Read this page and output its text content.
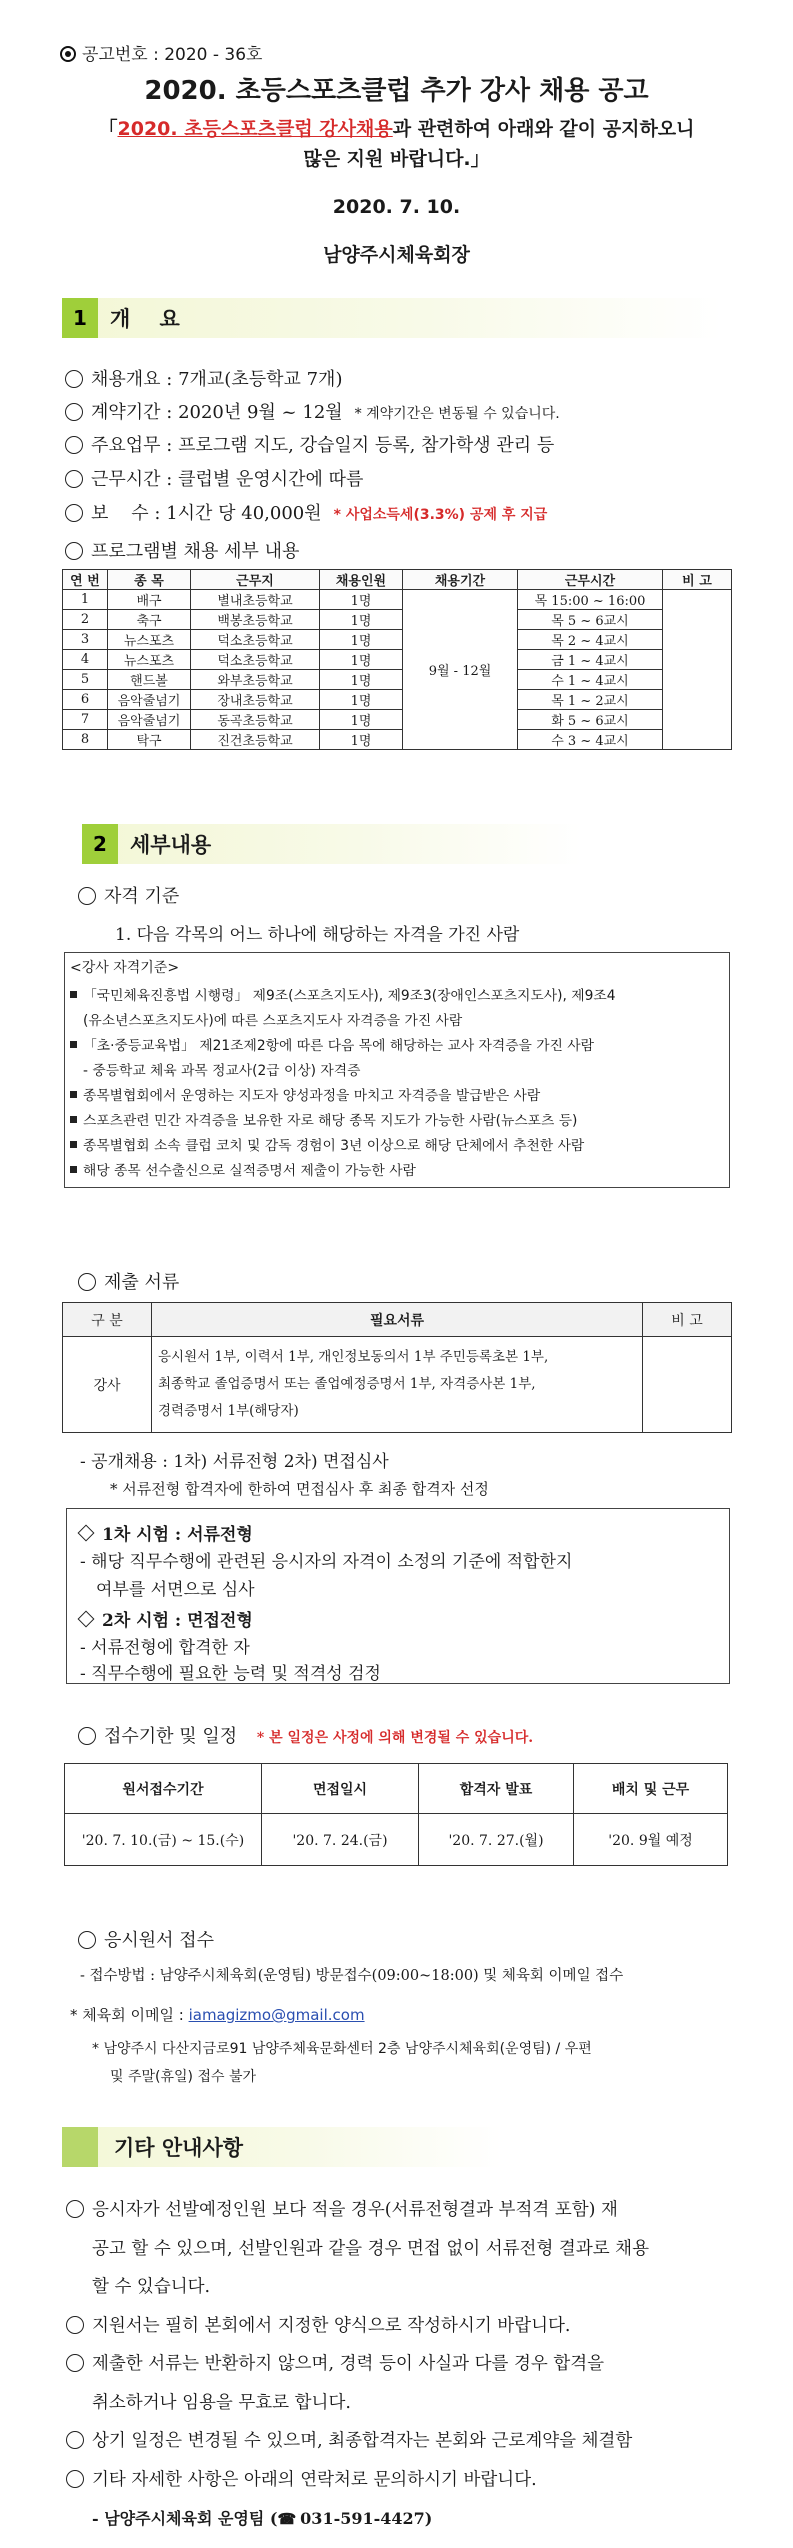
공고번호 : 2020 - 36호
2020. 초등스포츠클럽 추가 강사 채용 공고
「2020. 초등스포츠클럽 강사채용과 관련하여 아래와 같이 공지하오니
많은 지원 바랍니다.」
2020. 7. 10.
남양주시체육회장
1	개    요
채용개요 : 7개교(초등학교 7개)
계약기간 : 2020년 9월 ~ 12월 * 계약기간은 변동될 수 있습니다.
주요업무 : 프로그램 지도, 강습일지 등록, 참가학생 관리 등
근무시간 : 클럽별 운영시간에 따름
보    수 : 1시간 당 40,000원 * 사업소득세(3.3%) 공제 후 지급
프로그램별 채용 세부 내용
연 번	종 목	근무지	채용인원	채용기간	근무시간	비 고
1	배구	별내초등학교	1명	9월 - 12월	목 15:00 ~ 16:00	
2	축구	백봉초등학교	1명		목 5 ~ 6교시	
3	뉴스포츠	덕소초등학교	1명		목 2 ~ 4교시	
4	뉴스포츠	덕소초등학교	1명		금 1 ~ 4교시	
5	핸드볼	와부초등학교	1명		수 1 ~ 4교시	
6	음악줄넘기	장내초등학교	1명		목 1 ~ 2교시	
7	음악줄넘기	동곡초등학교	1명		화 5 ~ 6교시	
8	탁구	진건초등학교	1명		수 3 ~ 4교시	
2	세부내용
자격 기준
1. 다음 각목의 어느 하나에 해당하는 자격을 가진 사람
<강사 자격기준>
「국민체육진흥법 시행령」 제9조(스포츠지도사), 제9조3(장애인스포츠지도사), 제9조4
(유소년스포츠지도사)에 따른 스포츠지도사 자격증을 가진 사람
「초·중등교육법」 제21조제2항에 따른 다음 목에 해당하는 교사 자격증을 가진 사람
- 중등학교 체육 과목 정교사(2급 이상) 자격증
종목별협회에서 운영하는 지도자 양성과정을 마치고 자격증을 발급받은 사람
스포츠관련 민간 자격증을 보유한 자로 해당 종목 지도가 가능한 사람(뉴스포츠 등)
종목별협회 소속 클럽 코치 및 감독 경험이 3년 이상으로 해당 단체에서 추천한 사람
해당 종목 선수출신으로 실적증명서 제출이 가능한 사람
제출 서류
구 분	필요서류	비 고
강사	응시원서 1부, 이력서 1부, 개인정보동의서 1부 주민등록초본 1부,
최종학교 졸업증명서 또는 졸업예정증명서 1부, 자격증사본 1부,
경력증명서 1부(해당자)	

- 공개채용 : 1차) 서류전형 2차) 면접심사
* 서류전형 합격자에 한하여 면접심사 후 최종 합격자 선정
1차 시험 : 서류전형
- 해당 직무수행에 관련된 응시자의 자격이 소정의 기준에 적합한지
여부를 서면으로 심사
2차 시험 : 면접전형
- 서류전형에 합격한 자
- 직무수행에 필요한 능력 및 적격성 검정
접수기한 및 일정 * 본 일정은 사정에 의해 변경될 수 있습니다.
원서접수기간	면접일시	합격자 발표	배치 및 근무
'20. 7. 10.(금) ~ 15.(수)	'20. 7. 24.(금)	'20. 7. 27.(월)	'20. 9월 예정
응시원서 접수
- 접수방법 : 남양주시체육회(운영팀) 방문접수(09:00~18:00) 및 체육회 이메일 접수
* 체육회 이메일 : iamagizmo@gmail.com
* 남양주시 다산지금로91 남양주체육문화센터 2층 남양주시체육회(운영팀) / 우편
및 주말(휴일) 접수 불가
기타 안내사항
응시자가 선발예정인원 보다 적을 경우(서류전형결과 부적격 포함) 재
공고 할 수 있으며, 선발인원과 같을 경우 면접 없이 서류전형 결과로 채용
할 수 있습니다.
지원서는 필히 본회에서 지정한 양식으로 작성하시기 바랍니다.
제출한 서류는 반환하지 않으며, 경력 등이 사실과 다를 경우 합격을
취소하거나 임용을 무효로 합니다.
상기 일정은 변경될 수 있으며, 최종합격자는 본회와 근로계약을 체결함
기타 자세한 사항은 아래의 연락처로 문의하시기 바랍니다.
- 남양주시체육회 운영팀 (☎ 031-591-4427)
